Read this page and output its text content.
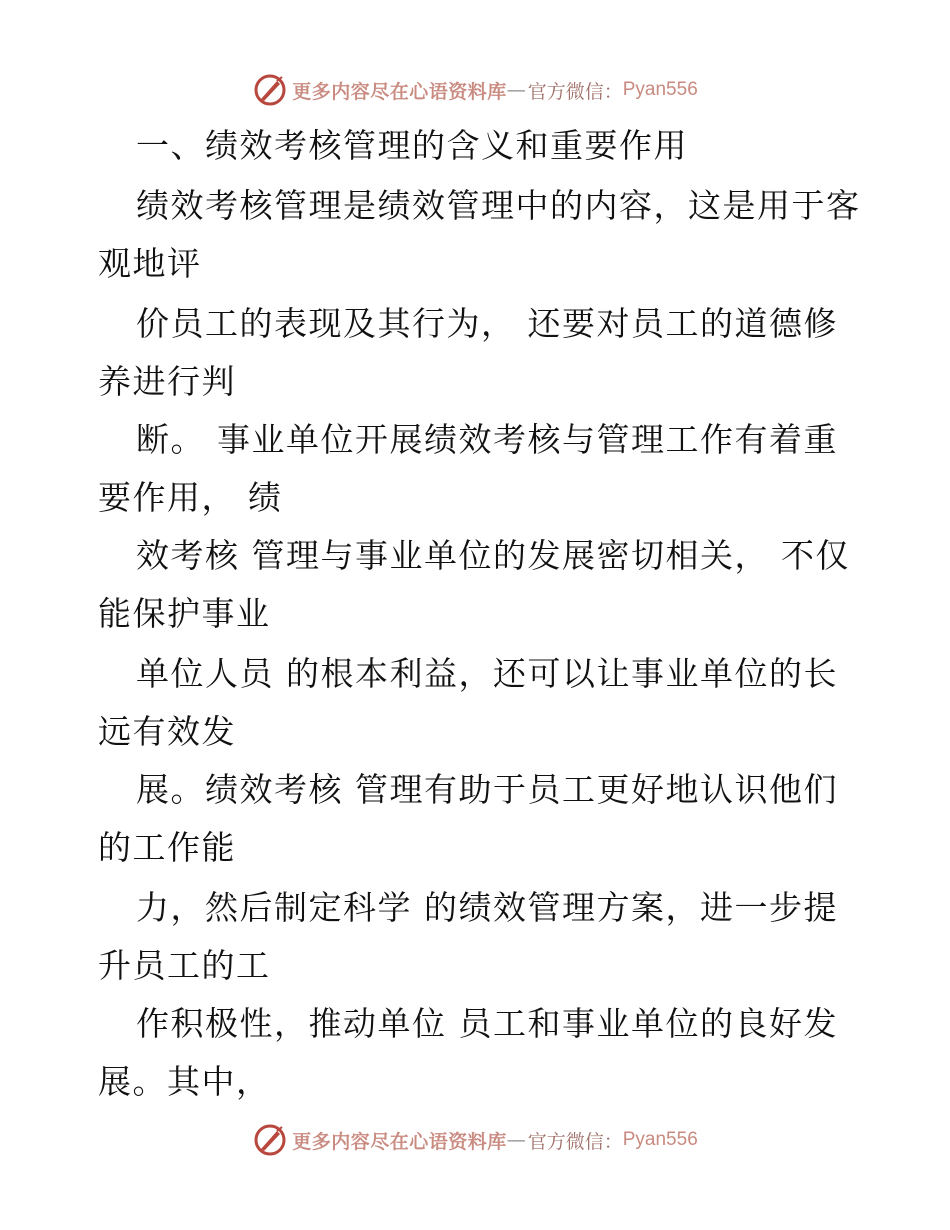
更多内容尽在心语资料库 — 官方微信： Pyan556
一、绩效考核管理的含义和重要作用
绩效考核管理是绩效管理中的内容，这是用于客
观地评
价员工的表现及其行为， 还要对员工的道德修
养进行判
断。 事业单位开展绩效考核与管理工作有着重
要作用， 绩
效考核 管理与事业单位的发展密切相关， 不仅
能保护事业
单位人员 的根本利益，还可以让事业单位的长
远有效发
展。绩效考核 管理有助于员工更好地认识他们
的工作能
力，然后制定科学 的绩效管理方案，进一步提
升员工的工
作积极性，推动单位 员工和事业单位的良好发
展。其中，
更多内容尽在心语资料库 — 官方微信： Pyan556
